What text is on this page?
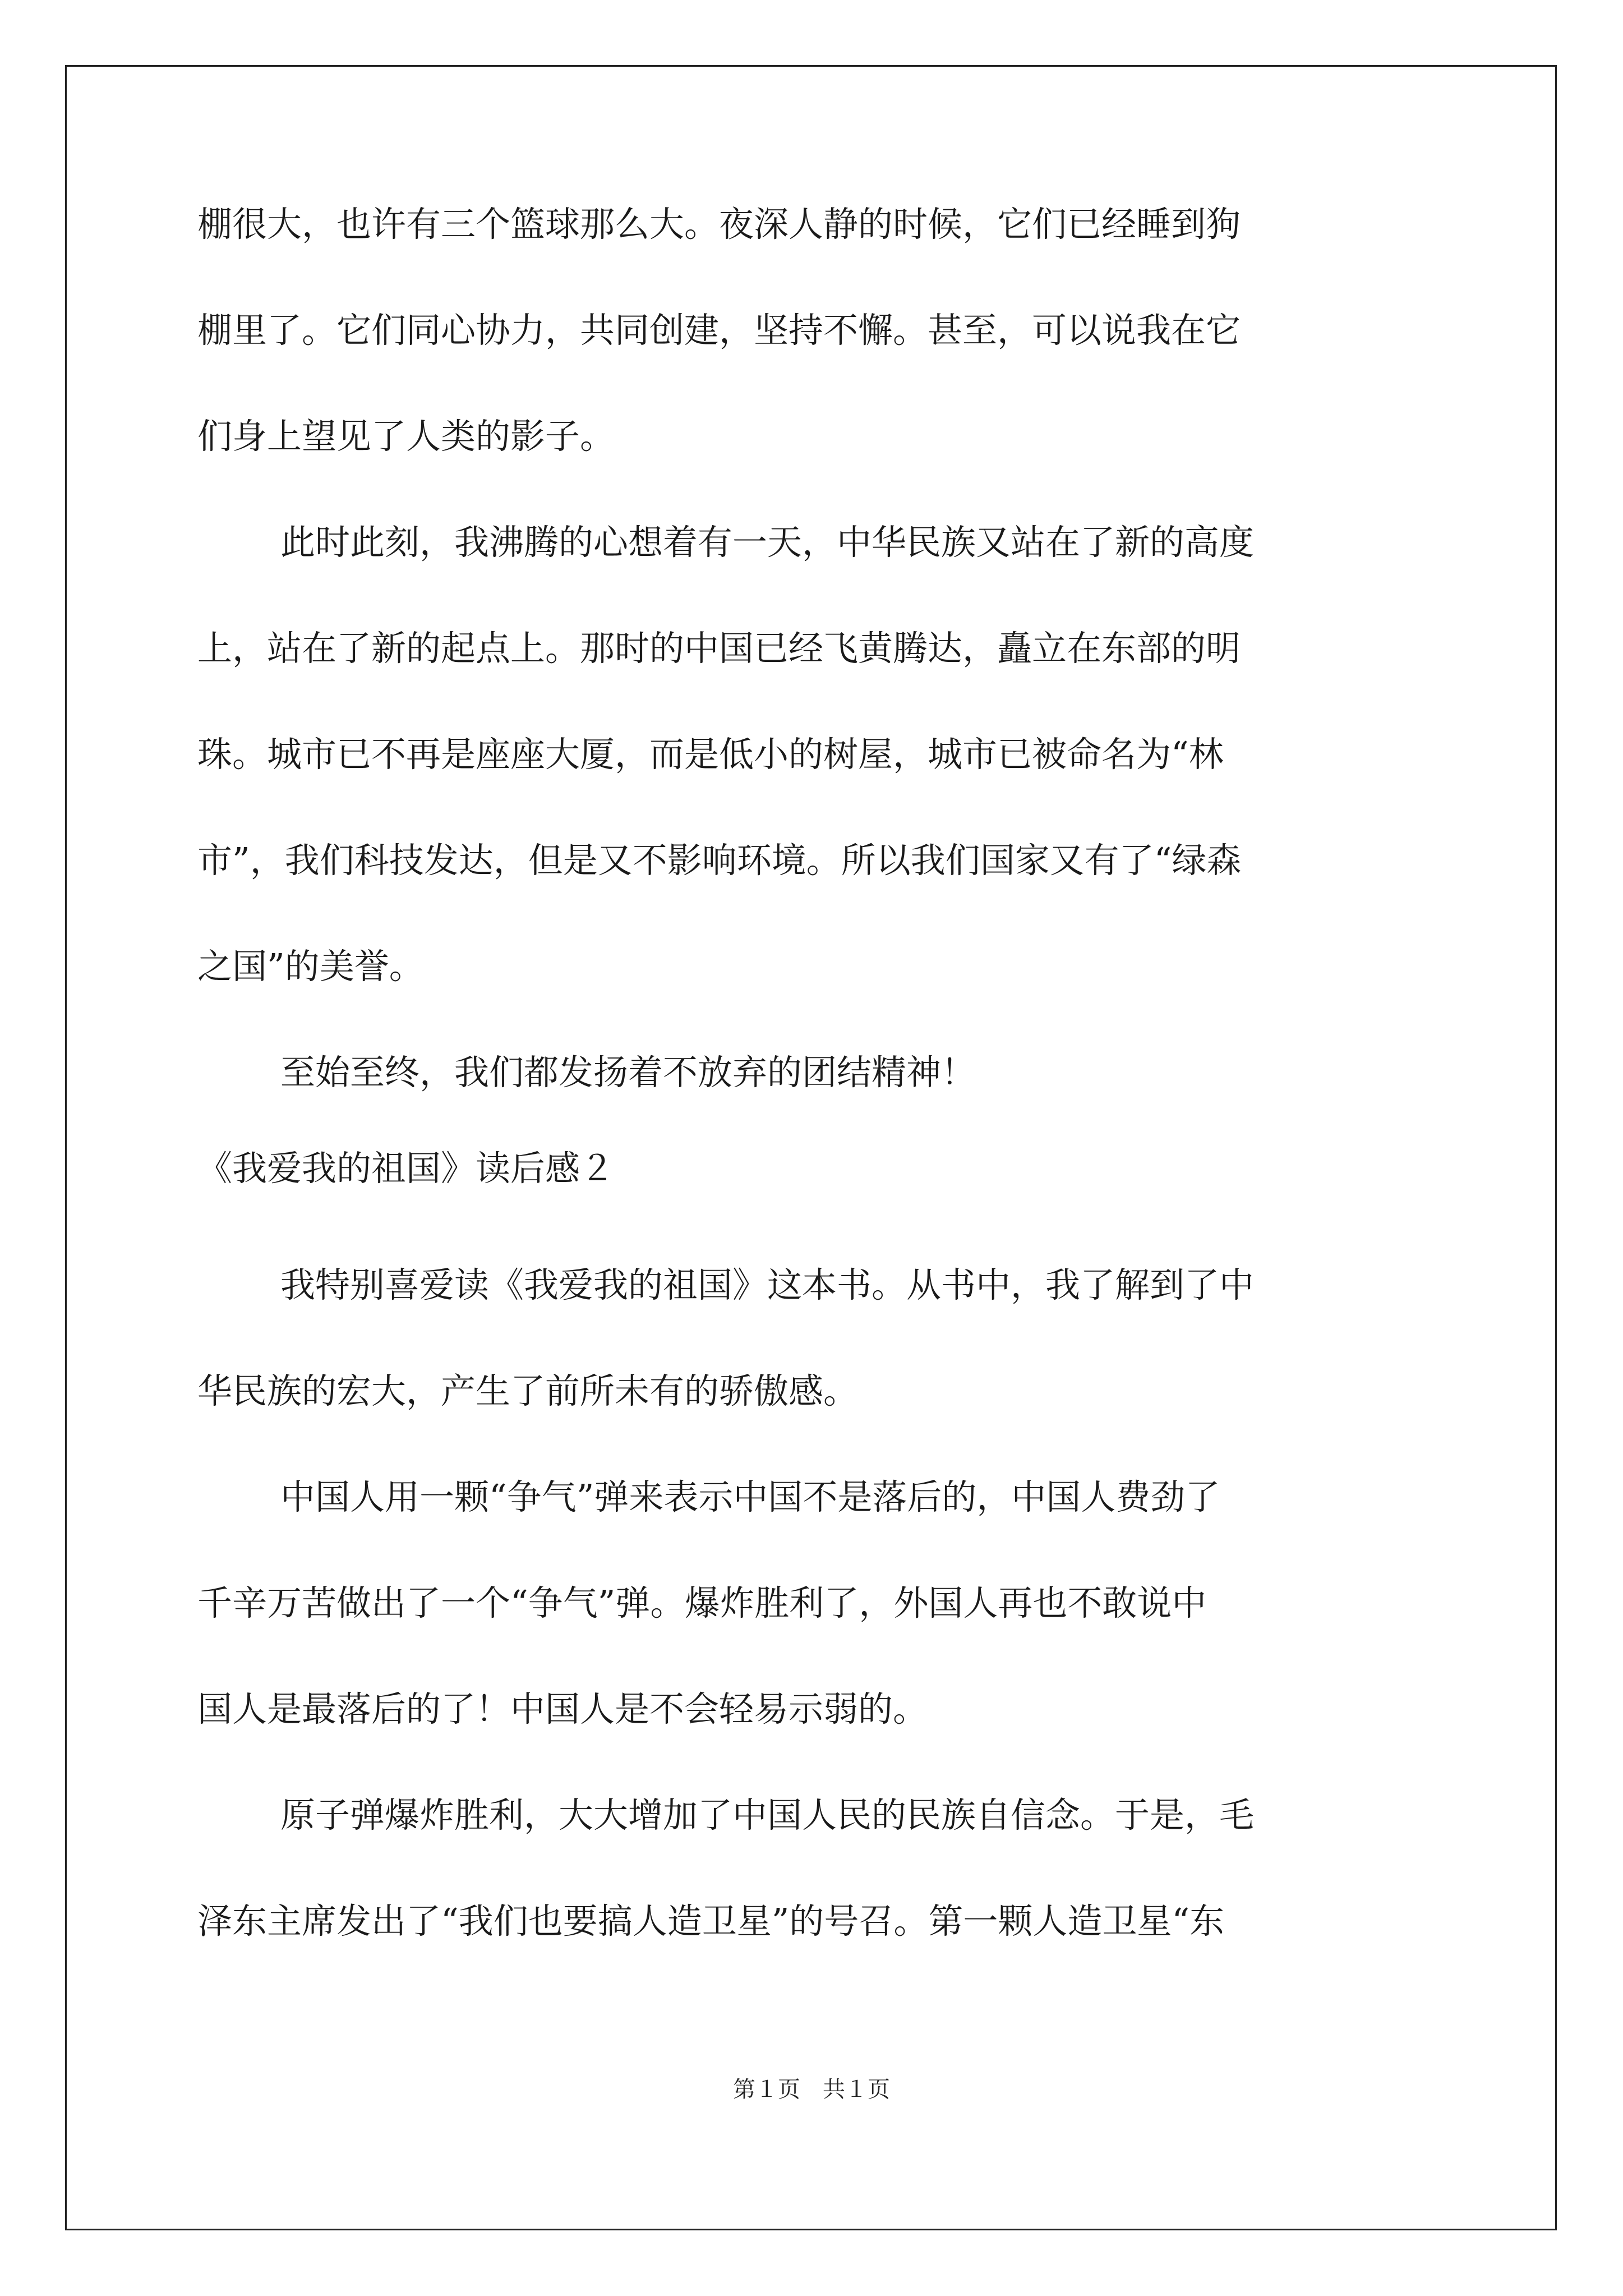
棚很大，也许有三个篮球那么大。夜深人静的时候，它们已经睡到狗
棚里了。它们同心协力，共同创建，坚持不懈。甚至，可以说我在它
们身上望见了人类的影子。
此时此刻，我沸腾的心想着有一天，中华民族又站在了新的高度
上，站在了新的起点上。那时的中国已经飞黄腾达，矗立在东部的明
珠。城市已不再是座座大厦，而是低小的树屋，城市已被命名为“林
市”，我们科技发达，但是又不影响环境。所以我们国家又有了“绿森
之国”的美誉。
至始至终，我们都发扬着不放弃的团结精神！
《我爱我的祖国》读后感２
我特别喜爱读《我爱我的祖国》这本书。从书中，我了解到了中
华民族的宏大，产生了前所未有的骄傲感。
中国人用一颗“争气”弹来表示中国不是落后的，中国人费劲了
千辛万苦做出了一个“争气”弹。爆炸胜利了，外国人再也不敢说中
国人是最落后的了！中国人是不会轻易示弱的。
原子弹爆炸胜利，大大增加了中国人民的民族自信念。于是，毛
泽东主席发出了“我们也要搞人造卫星”的号召。第一颗人造卫星“东
第１页 共１页
